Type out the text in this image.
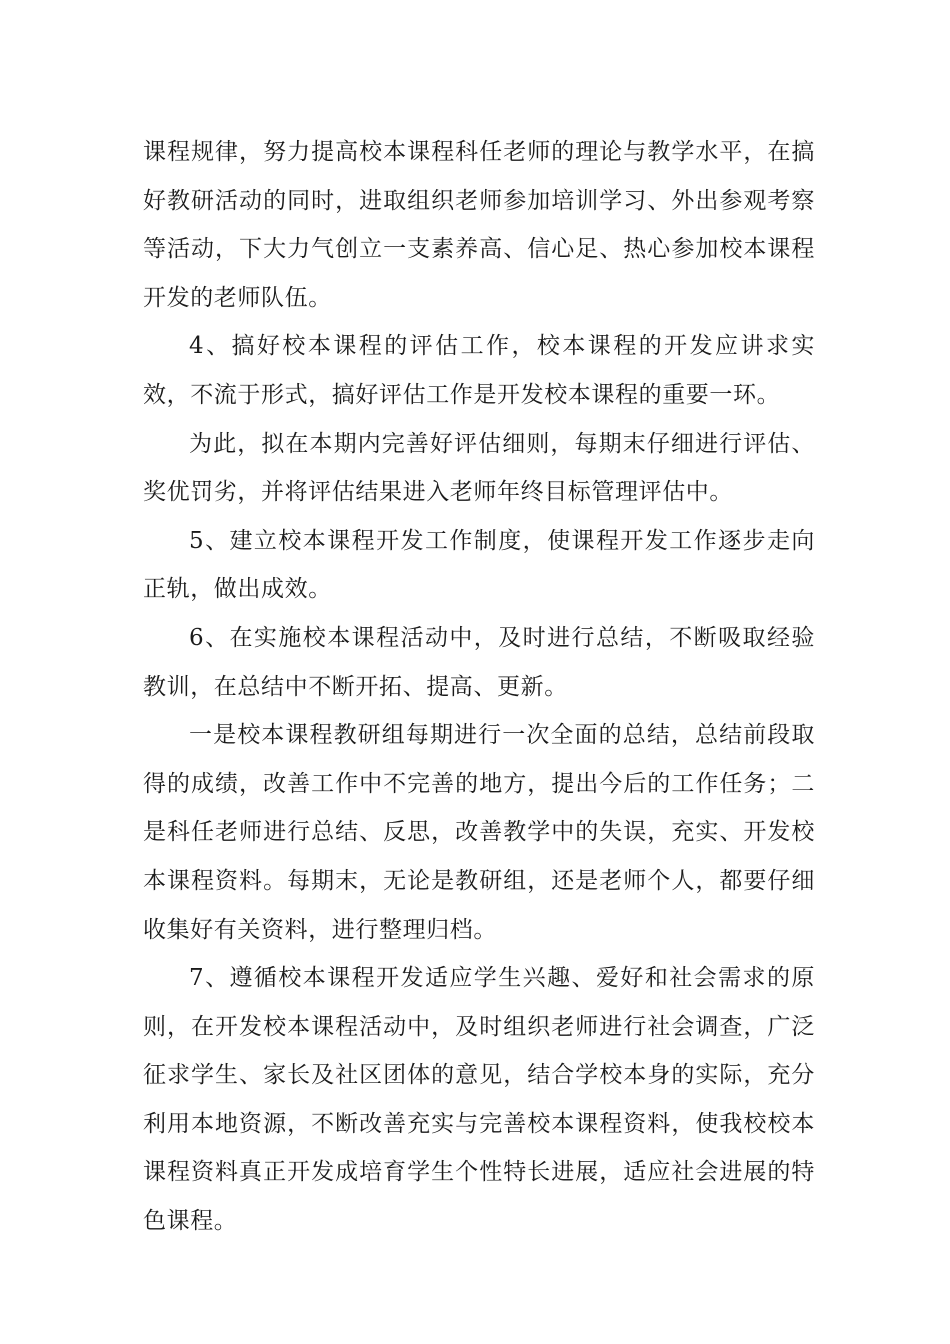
课程规律，努力提高校本课程科任老师的理论与教学水平，在搞好教研活动的同时，进取组织老师参加培训学习、外出参观考察等活动，下大力气创立一支素养高、信心足、热心参加校本课程开发的老师队伍。

4、搞好校本课程的评估工作，校本课程的开发应讲求实效，不流于形式，搞好评估工作是开发校本课程的重要一环。

为此，拟在本期内完善好评估细则，每期末仔细进行评估、奖优罚劣，并将评估结果进入老师年终目标管理评估中。

5、建立校本课程开发工作制度，使课程开发工作逐步走向正轨，做出成效。

6、在实施校本课程活动中，及时进行总结，不断吸取经验教训，在总结中不断开拓、提高、更新。

一是校本课程教研组每期进行一次全面的总结，总结前段取得的成绩，改善工作中不完善的地方，提出今后的工作任务；二是科任老师进行总结、反思，改善教学中的失误，充实、开发校本课程资料。每期末，无论是教研组，还是老师个人，都要仔细收集好有关资料，进行整理归档。

7、遵循校本课程开发适应学生兴趣、爱好和社会需求的原则，在开发校本课程活动中，及时组织老师进行社会调查，广泛征求学生、家长及社区团体的意见，结合学校本身的实际，充分利用本地资源，不断改善充实与完善校本课程资料，使我校校本课程资料真正开发成培育学生个性特长进展，适应社会进展的特色课程。
